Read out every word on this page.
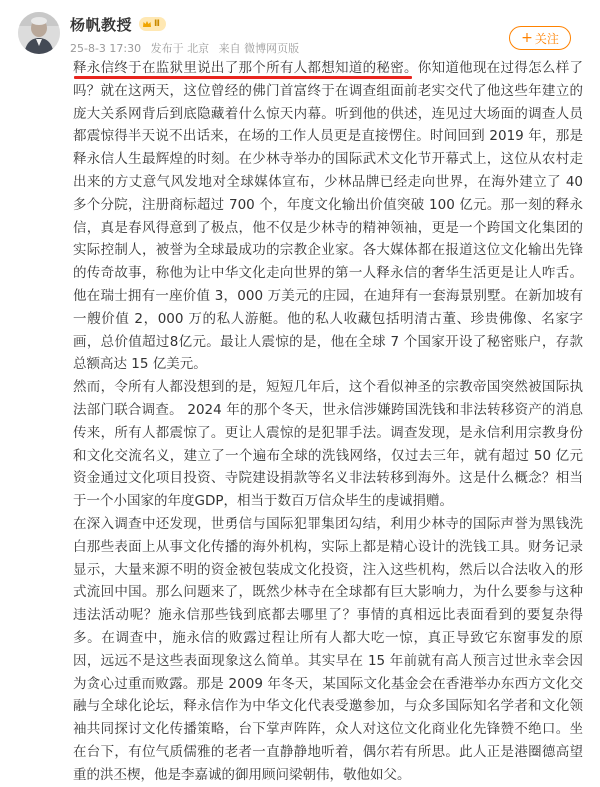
杨帆教授 Ⅱ
25-8-3 17:30 发布于 北京 来自 微博网页版
+ 关注

释永信终于在监狱里说出了那个所有人都想知道的秘密。你知道他现在过得怎么样了吗？就在这两天，这位曾经的佛门首富终于在调查组面前老实交代了他这些年建立的庞大关系网背后到底隐藏着什么惊天内幕。听到他的供述，连见过大场面的调查人员都震惊得半天说不出话来，在场的工作人员更是直接愣住。时间回到 2019 年，那是释永信人生最辉煌的时刻。在少林寺举办的国际武术文化节开幕式上，这位从农村走出来的方丈意气风发地对全球媒体宣布，少林品牌已经走向世界，在海外建立了 40 多个分院，注册商标超过 700 个，年度文化输出价值突破 100 亿元。那一刻的释永信，真是春风得意到了极点，他不仅是少林寺的精神领袖，更是一个跨国文化集团的实际控制人，被誉为全球最成功的宗教企业家。各大媒体都在报道这位文化输出先锋的传奇故事，称他为让中华文化走向世界的第一人释永信的奢华生活更是让人咋舌。他在瑞士拥有一座价值 3，000 万美元的庄园，在迪拜有一套海景别墅。在新加坡有一艘价值 2，000 万的私人游艇。他的私人收藏包括明清古董、珍贵佛像、名家字画，总价值超过8亿元。最让人震惊的是，他在全球 7 个国家开设了秘密账户，存款总额高达 15 亿美元。

然而，令所有人都没想到的是，短短几年后，这个看似神圣的宗教帝国突然被国际执法部门联合调查。 2024 年的那个冬天，世永信涉嫌跨国洗钱和非法转移资产的消息传来，所有人都震惊了。更让人震惊的是犯罪手法。调查发现，是永信利用宗教身份和文化交流名义，建立了一个遍布全球的洗钱网络，仅过去三年，就有超过 50 亿元资金通过文化项目投资、寺院建设捐款等名义非法转移到海外。这是什么概念？相当于一个小国家的年度GDP，相当于数百万信众毕生的虔诚捐赠。

在深入调查中还发现，世勇信与国际犯罪集团勾结，利用少林寺的国际声誉为黑钱洗白那些表面上从事文化传播的海外机构，实际上都是精心设计的洗钱工具。财务记录显示，大量来源不明的资金被包装成文化投资，注入这些机构，然后以合法收入的形式流回中国。那么问题来了，既然少林寺在全球都有巨大影响力，为什么要参与这种违法活动呢？施永信那些钱到底都去哪里了？事情的真相远比表面看到的要复杂得多。在调查中，施永信的败露过程让所有人都大吃一惊，真正导致它东窗事发的原因，远远不是这些表面现象这么简单。其实早在 15 年前就有高人预言过世永幸会因为贪心过重而败露。那是 2009 年冬天，某国际文化基金会在香港举办东西方文化交融与全球化论坛，释永信作为中华文化代表受邀参加，与众多国际知名学者和文化领袖共同探讨文化传播策略，台下掌声阵阵，众人对这位文化商业化先锋赞不绝口。坐在台下，有位气质儒雅的老者一直静静地听着，偶尔若有所思。此人正是港圈德高望重的洪丕楔，他是李嘉诚的御用顾问梁朝伟，敬他如父。
